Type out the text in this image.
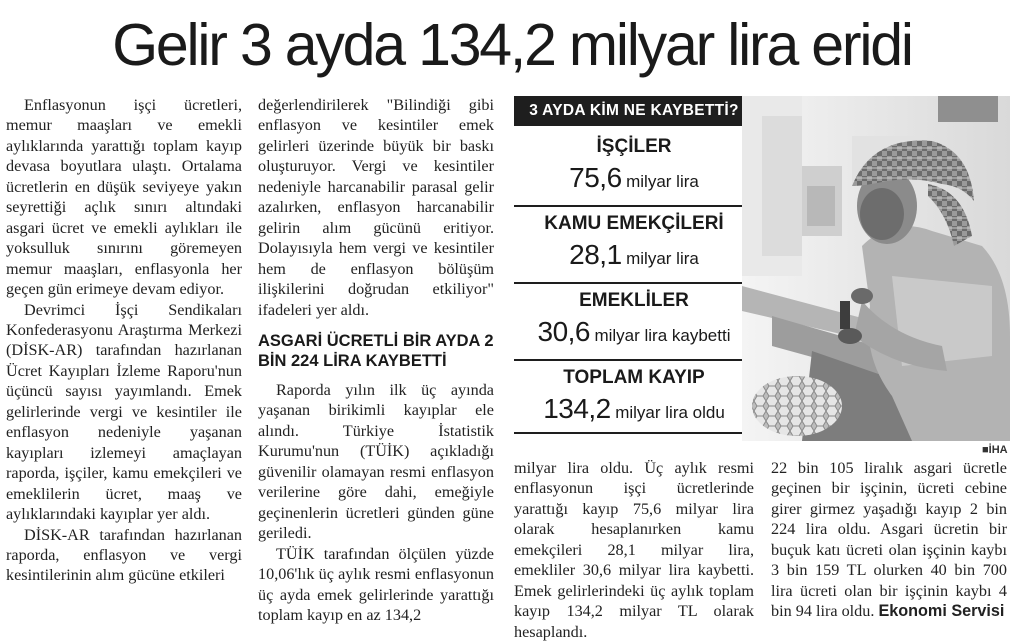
Gelir 3 ayda 134,2 milyar lira eridi

Enflasyonun işçi ücretleri, memur maaşları ve emekli aylıklarında yarattığı toplam kayıp devasa boyutlara ulaştı. Ortalama ücretlerin en düşük seviyeye yakın seyrettiği açlık sınırı altındaki asgari ücret ve emekli aylıkları ile yoksulluk sınırını göremeyen memur maaşları, enflasyonla her geçen gün erimeye devam ediyor.

Devrimci İşçi Sendikaları Konfederasyonu Araştırma Merkezi (DİSK-AR) tarafından hazırlanan Ücret Kayıpları İzleme Raporu'nun üçüncü sayısı yayımlandı. Emek gelirlerinde vergi ve kesintiler ile enflasyon nedeniyle yaşanan kayıpları izlemeyi amaçlayan raporda, işçiler, kamu emekçileri ve emeklilerin ücret, maaş ve aylıklarındaki kayıplar yer aldı.

DİSK-AR tarafından hazırlanan raporda, enflasyon ve vergi kesintilerinin alım gücüne etkileri

değerlendirilerek "Bilindiği gibi enflasyon ve kesintiler emek gelirleri üzerinde büyük bir baskı oluşturuyor. Vergi ve kesintiler nedeniyle harcanabilir parasal gelir azalırken, enflasyon harcanabilir gelirin alım gücünü eritiyor. Dolayısıyla hem vergi ve kesintiler hem de enflasyon bölüşüm ilişkilerini doğrudan etkiliyor" ifadeleri yer aldı.

ASGARİ ÜCRETLİ BİR AYDA 2 BİN 224 LİRA KAYBETTİ

Raporda yılın ilk üç ayında yaşanan birikimli kayıplar ele alındı. Türkiye İstatistik Kurumu'nun (TÜİK) açıkladığı güvenilir olamayan resmi enflasyon verilerine göre dahi, emeğiyle geçinenlerin ücretleri günden güne geriledi.

TÜİK tarafından ölçülen yüzde 10,06'lık üç aylık resmi enflasyonun üç ayda emek gelirlerinde yarattığı toplam kayıp en az 134,2

3 AYDA KİM NE KAYBETTİ?
İŞÇİLER
75,6 milyar lira
KAMU EMEKÇİLERİ
28,1 milyar lira
EMEKLİLER
30,6 milyar lira kaybetti
TOPLAM KAYIP
134,2 milyar lira oldu
■İHA

milyar lira oldu. Üç aylık resmi enflasyonun işçi ücretlerinde yarattığı kayıp 75,6 milyar lira olarak hesaplanırken kamu emekçileri 28,1 milyar lira, emekliler 30,6 milyar lira kaybetti. Emek gelirlerindeki üç aylık toplam kayıp 134,2 milyar TL olarak hesaplandı.

22 bin 105 liralık asgari ücretle geçinen bir işçinin, ücreti cebine girer girmez yaşadığı kayıp 2 bin 224 lira oldu. Asgari ücretin bir buçuk katı ücreti olan işçinin kaybı 3 bin 159 TL olurken 40 bin 700 lira ücreti olan bir işçinin kaybı 4 bin 94 lira oldu. Ekonomi Servisi
